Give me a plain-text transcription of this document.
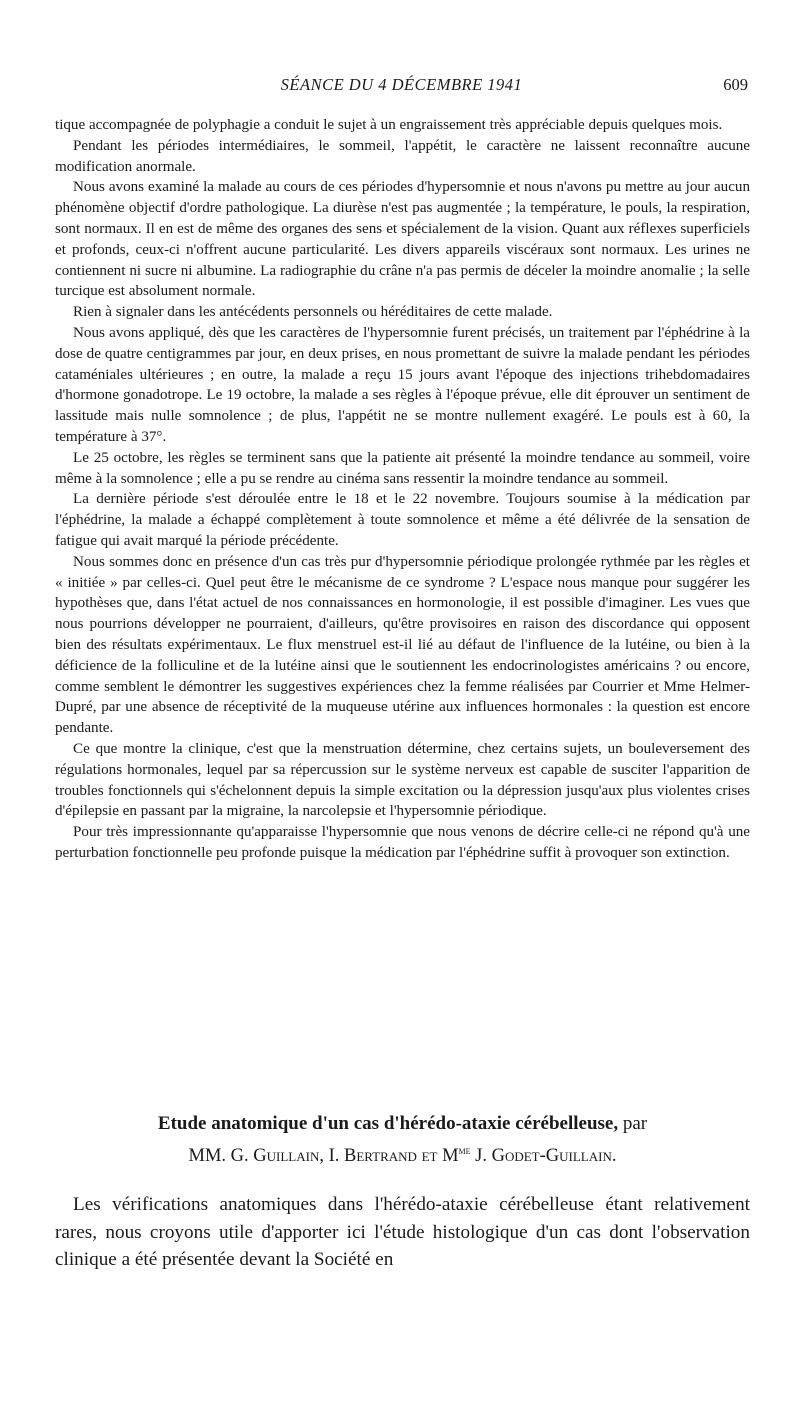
SÉANCE DU 4 DÉCEMBRE 1941	609

tique accompagnée de polyphagie a conduit le sujet à un engraissement très appréciable depuis quelques mois.

Pendant les périodes intermédiaires, le sommeil, l'appétit, le caractère ne laissent reconnaître aucune modification anormale.

Nous avons examiné la malade au cours de ces périodes d'hypersomnie et nous n'avons pu mettre au jour aucun phénomène objectif d'ordre pathologique. La diurèse n'est pas augmentée ; la température, le pouls, la respiration, sont normaux. Il en est de même des organes des sens et spécialement de la vision. Quant aux réflexes superficiels et profonds, ceux-ci n'offrent aucune particularité. Les divers appareils viscéraux sont normaux. Les urines ne contiennent ni sucre ni albumine. La radiographie du crâne n'a pas permis de déceler la moindre anomalie ; la selle turcique est absolument normale.

Rien à signaler dans les antécédents personnels ou héréditaires de cette malade.

Nous avons appliqué, dès que les caractères de l'hypersomnie furent précisés, un traitement par l'éphédrine à la dose de quatre centigrammes par jour, en deux prises, en nous promettant de suivre la malade pendant les périodes cataméniales ultérieures ; en outre, la malade a reçu 15 jours avant l'époque des injections trihebdomadaires d'hormone gonadotrope. Le 19 octobre, la malade a ses règles à l'époque prévue, elle dit éprouver un sentiment de lassitude mais nulle somnolence ; de plus, l'appétit ne se montre nullement exagéré. Le pouls est à 60, la température à 37°.

Le 25 octobre, les règles se terminent sans que la patiente ait présenté la moindre tendance au sommeil, voire même à la somnolence ; elle a pu se rendre au cinéma sans ressentir la moindre tendance au sommeil.

La dernière période s'est déroulée entre le 18 et le 22 novembre. Toujours soumise à la médication par l'éphédrine, la malade a échappé complètement à toute somnolence et même a été délivrée de la sensation de fatigue qui avait marqué la période précédente.

Nous sommes donc en présence d'un cas très pur d'hypersomnie périodique prolongée rythmée par les règles et « initiée » par celles-ci. Quel peut être le mécanisme de ce syndrome ? L'espace nous manque pour suggérer les hypothèses que, dans l'état actuel de nos connaissances en hormonologie, il est possible d'imaginer. Les vues que nous pourrions développer ne pourraient, d'ailleurs, qu'être provisoires en raison des discordance qui opposent bien des résultats expérimentaux. Le flux menstruel est-il lié au défaut de l'influence de la lutéine, ou bien à la déficience de la folliculine et de la lutéine ainsi que le soutiennent les endocrinologistes américains ? ou encore, comme semblent le démontrer les suggestives expériences chez la femme réalisées par Courrier et Mme Helmer-Dupré, par une absence de réceptivité de la muqueuse utérine aux influences hormonales : la question est encore pendante.

Ce que montre la clinique, c'est que la menstruation détermine, chez certains sujets, un bouleversement des régulations hormonales, lequel par sa répercussion sur le système nerveux est capable de susciter l'apparition de troubles fonctionnels qui s'échelonnent depuis la simple excitation ou la dépression jusqu'aux plus violentes crises d'épilepsie en passant par la migraine, la narcolepsie et l'hypersomnie périodique.

Pour très impressionnante qu'apparaisse l'hypersomnie que nous venons de décrire celle-ci ne répond qu'à une perturbation fonctionnelle peu profonde puisque la médication par l'éphédrine suffit à provoquer son extinction.

Etude anatomique d'un cas d'hérédo-ataxie cérébelleuse, par
MM. G. Guillain, I. Bertrand et $M^{me}$ J. Godet-Guillain.

Les vérifications anatomiques dans l'hérédo-ataxie cérébelleuse étant relativement rares, nous croyons utile d'apporter ici l'étude histologique d'un cas dont l'observation clinique a été présentée devant la Société en
